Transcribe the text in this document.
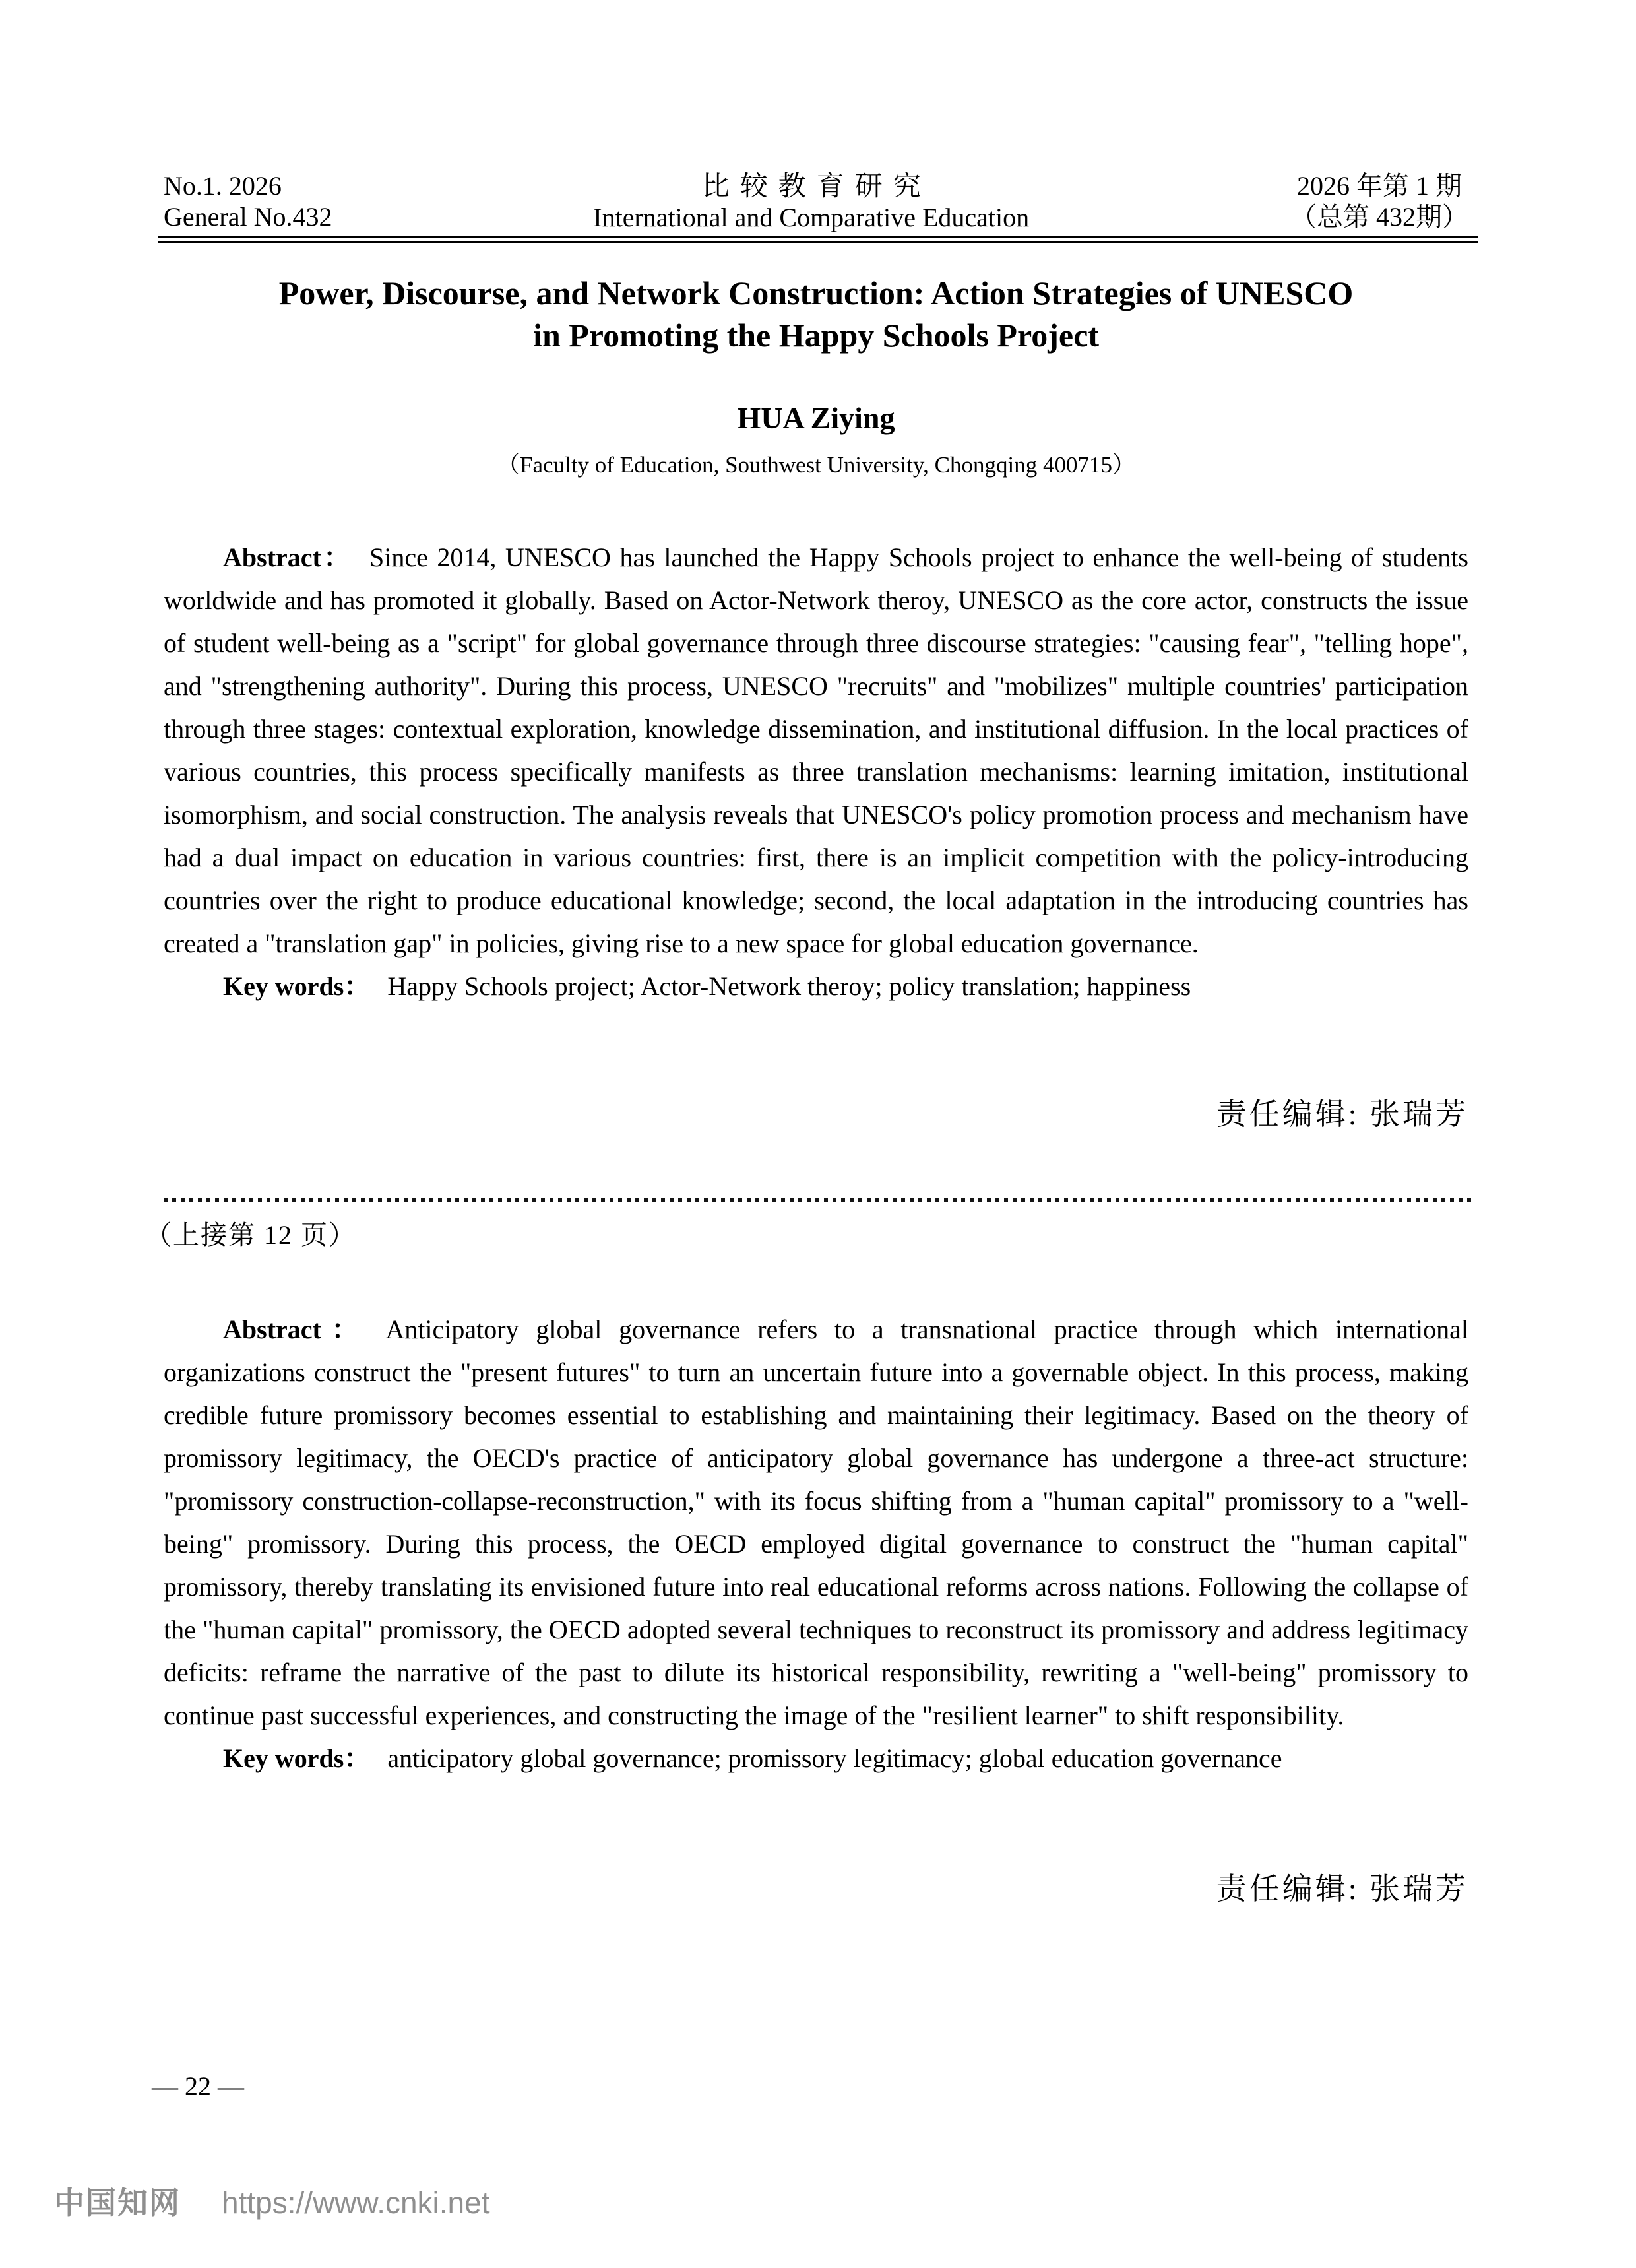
No.1. 2026
General No.432
比较教育研究
International and Comparative Education
2026 年第 1 期
（总第 432期）
Power, Discourse, and Network Construction: Action Strategies of UNESCO
in Promoting the Happy Schools Project
HUA Ziying
（Faculty of Education, Southwest University, Chongqing 400715）

Abstract： Since 2014, UNESCO has launched the Happy Schools project to enhance the well-being of students worldwide and has promoted it globally. Based on Actor-Network theroy, UNESCO as the core actor, constructs the issue of student well-being as a "script" for global governance through three discourse strategies: "causing fear", "telling hope", and "strengthening authority". During this process, UNESCO "recruits" and "mobilizes" multiple countries' participation through three stages: contextual exploration, knowledge dissemination, and institutional diffusion. In the local practices of various countries, this process specifically manifests as three translation mechanisms: learning imitation, institutional isomorphism, and social construction. The analysis reveals that UNESCO's policy promotion process and mechanism have had a dual impact on education in various countries: first, there is an implicit competition with the policy-introducing countries over the right to produce educational knowledge; second, the local adaptation in the introducing countries has created a "translation gap" in policies, giving rise to a new space for global education governance.

Key words： Happy Schools project; Actor-Network theroy; policy translation; happiness

责任编辑: 张瑞芳
（上接第 12 页）

Abstract： Anticipatory global governance refers to a transnational practice through which international organizations construct the "present futures" to turn an uncertain future into a governable object. In this process, making credible future promissory becomes essential to establishing and maintaining their legitimacy. Based on the theory of promissory legitimacy, the OECD's practice of anticipatory global governance has undergone a three-act structure: "promissory construction-collapse-reconstruction," with its focus shifting from a "human capital" promissory to a "well-being" promissory. During this process, the OECD employed digital governance to construct the "human capital" promissory, thereby translating its envisioned future into real educational reforms across nations. Following the collapse of the "human capital" promissory, the OECD adopted several techniques to reconstruct its promissory and address legitimacy deficits: reframe the narrative of the past to dilute its historical responsibility, rewriting a "well-being" promissory to continue past successful experiences, and constructing the image of the "resilient learner" to shift responsibility.

Key words： anticipatory global governance; promissory legitimacy; global education governance

责任编辑: 张瑞芳
— 22 —
中国知网 https://www.cnki.net
